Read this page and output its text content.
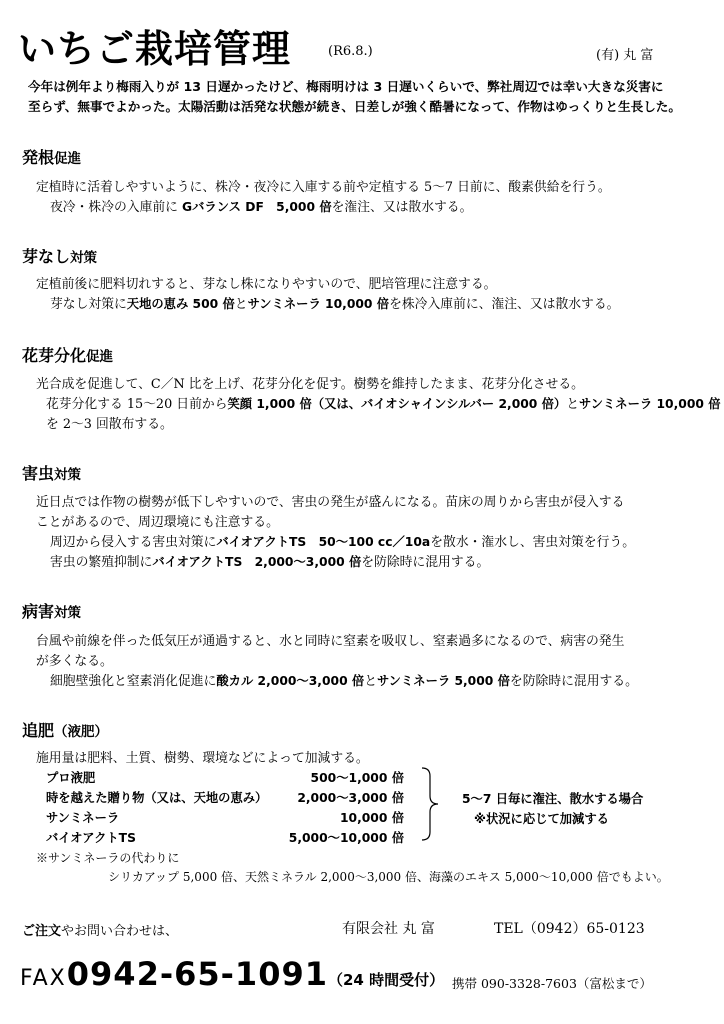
いちご栽培管理	(R6.8.)	(有) 丸 富
今年は例年より梅雨入りが 13 日遅かったけど、梅雨明けは 3 日遅いくらいで、弊社周辺では幸い大きな災害に
至らず、無事でよかった。太陽活動は活発な状態が続き、日差しが強く酷暑になって、作物はゆっくりと生長した。
発根促進
定植時に活着しやすいように、株冷・夜冷に入庫する前や定植する 5～7 日前に、酸素供給を行う。
夜冷・株冷の入庫前に Gバランス DF　5,000 倍を潅注、又は散水する。
芽なし対策
定植前後に肥料切れすると、芽なし株になりやすいので、肥培管理に注意する。
芽なし対策に天地の恵み 500 倍とサンミネーラ 10,000 倍を株冷入庫前に、潅注、又は散水する。
花芽分化促進
光合成を促進して、C／N 比を上げ、花芽分化を促す。樹勢を維持したまま、花芽分化させる。
花芽分化する 15～20 日前から笑顔 1,000 倍（又は、バイオシャインシルバー 2,000 倍）とサンミネーラ 10,000 倍
を 2～3 回散布する。
害虫対策
近日点では作物の樹勢が低下しやすいので、害虫の発生が盛んになる。苗床の周りから害虫が侵入する
ことがあるので、周辺環境にも注意する。
周辺から侵入する害虫対策にバイオアクトTS　50～100 cc／10aを散水・潅水し、害虫対策を行う。
害虫の繁殖抑制にバイオアクトTS　2,000～3,000 倍を防除時に混用する。
病害対策
台風や前線を伴った低気圧が通過すると、水と同時に窒素を吸収し、窒素過多になるので、病害の発生
が多くなる。
細胞壁強化と窒素消化促進に酸カル 2,000～3,000 倍とサンミネーラ 5,000 倍を防除時に混用する。
追肥（液肥）
施用量は肥料、土質、樹勢、環境などによって加減する。
プロ液肥	500～1,000 倍
時を越えた贈り物（又は、天地の恵み） 2,000～3,000 倍
サンミネーラ	10,000 倍
バイオアクトTS	5,000～10,000 倍
5～7 日毎に潅注、散水する場合
※状況に応じて加減する
※サンミネーラの代わりに
シリカアップ 5,000 倍、天然ミネラル 2,000～3,000 倍、海藻のエキス 5,000～10,000 倍でもよい。
ご注文やお問い合わせは、	有限会社 丸 富	TEL（0942）65-0123
FAX0942-65-1091（24 時間受付） 携帯 090-3328-7603（富松まで）
